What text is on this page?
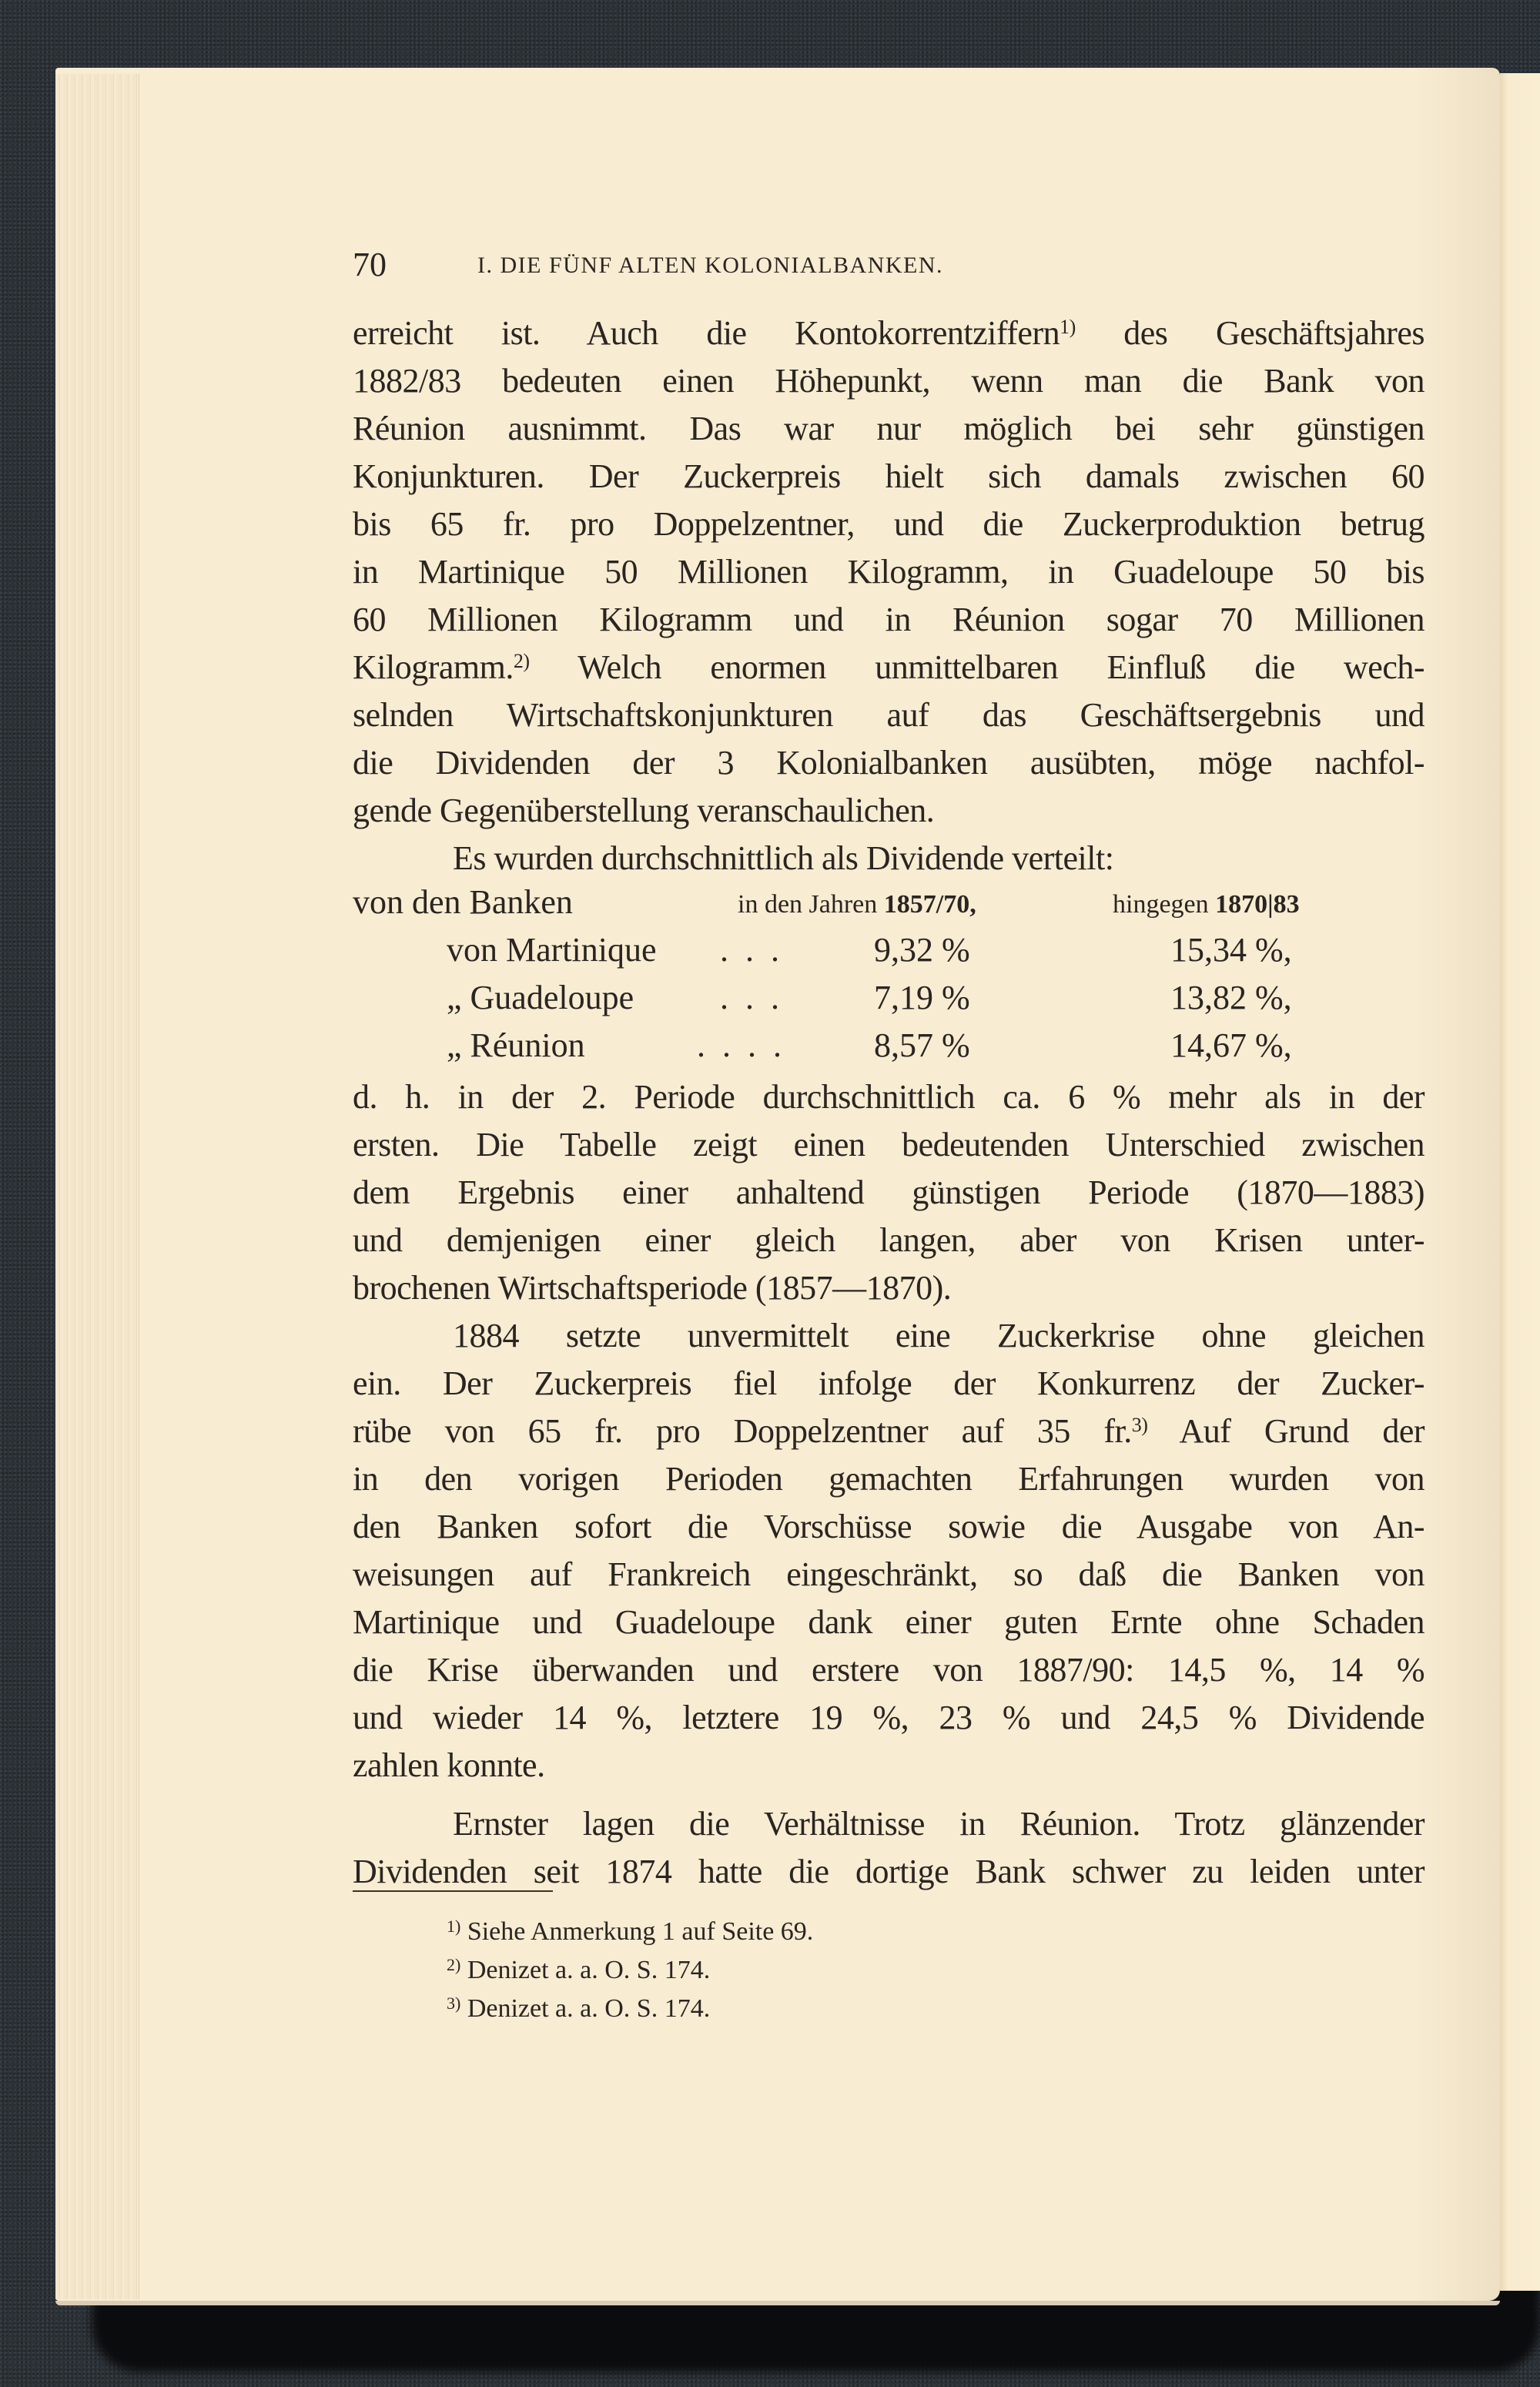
70	I. DIE FÜNF ALTEN KOLONIALBANKEN.
erreicht ist. Auch die Kontokorrentziffern$^{1)}$ des Geschäftsjahres
1882/83 bedeuten einen Höhepunkt, wenn man die Bank von
Réunion ausnimmt. Das war nur möglich bei sehr günstigen
Konjunkturen. Der Zuckerpreis hielt sich damals zwischen 60
bis 65 fr. pro Doppelzentner, und die Zuckerproduktion betrug
in Martinique 50 Millionen Kilogramm, in Guadeloupe 50 bis
60 Millionen Kilogramm und in Réunion sogar 70 Millionen
Kilogramm.$^{2)}$ Welch enormen unmittelbaren Einfluß die wech-
selnden Wirtschaftskonjunkturen auf das Geschäftsergebnis und
die Dividenden der 3 Kolonialbanken ausübten, möge nachfol-
gende Gegenüberstellung veranschaulichen.
Es wurden durchschnittlich als Dividende verteilt:
von den Banken	in den Jahren 1857/70,	hingegen 1870|83
von Martinique ... 9,32 %	15,34 %,
„ Guadeloupe	... 7,19 %	13,82 %,
„ Réunion	.... 8,57 %	14,67 %,
d. h. in der 2. Periode durchschnittlich ca. 6 % mehr als in der
ersten. Die Tabelle zeigt einen bedeutenden Unterschied zwischen
dem Ergebnis einer anhaltend günstigen Periode (1870—1883)
und demjenigen einer gleich langen, aber von Krisen unter-
brochenen Wirtschaftsperiode (1857—1870).
1884 setzte unvermittelt eine Zuckerkrise ohne gleichen
ein. Der Zuckerpreis fiel infolge der Konkurrenz der Zucker-
rübe von 65 fr. pro Doppelzentner auf 35 fr.$^{3)}$ Auf Grund der
in den vorigen Perioden gemachten Erfahrungen wurden von
den Banken sofort die Vorschüsse sowie die Ausgabe von An-
weisungen auf Frankreich eingeschränkt, so daß die Banken von
Martinique und Guadeloupe dank einer guten Ernte ohne Schaden
die Krise überwanden und erstere von 1887/90: 14,5 %, 14 %
und wieder 14 %, letztere 19 %, 23 % und 24,5 % Dividende
zahlen konnte.
Ernster lagen die Verhältnisse in Réunion. Trotz glänzender
Dividenden seit 1874 hatte die dortige Bank schwer zu leiden unter
$^{1)}$ Siehe Anmerkung 1 auf Seite 69.
$^{2)}$ Denizet a. a. O. S. 174.
$^{3)}$ Denizet a. a. O. S. 174.
